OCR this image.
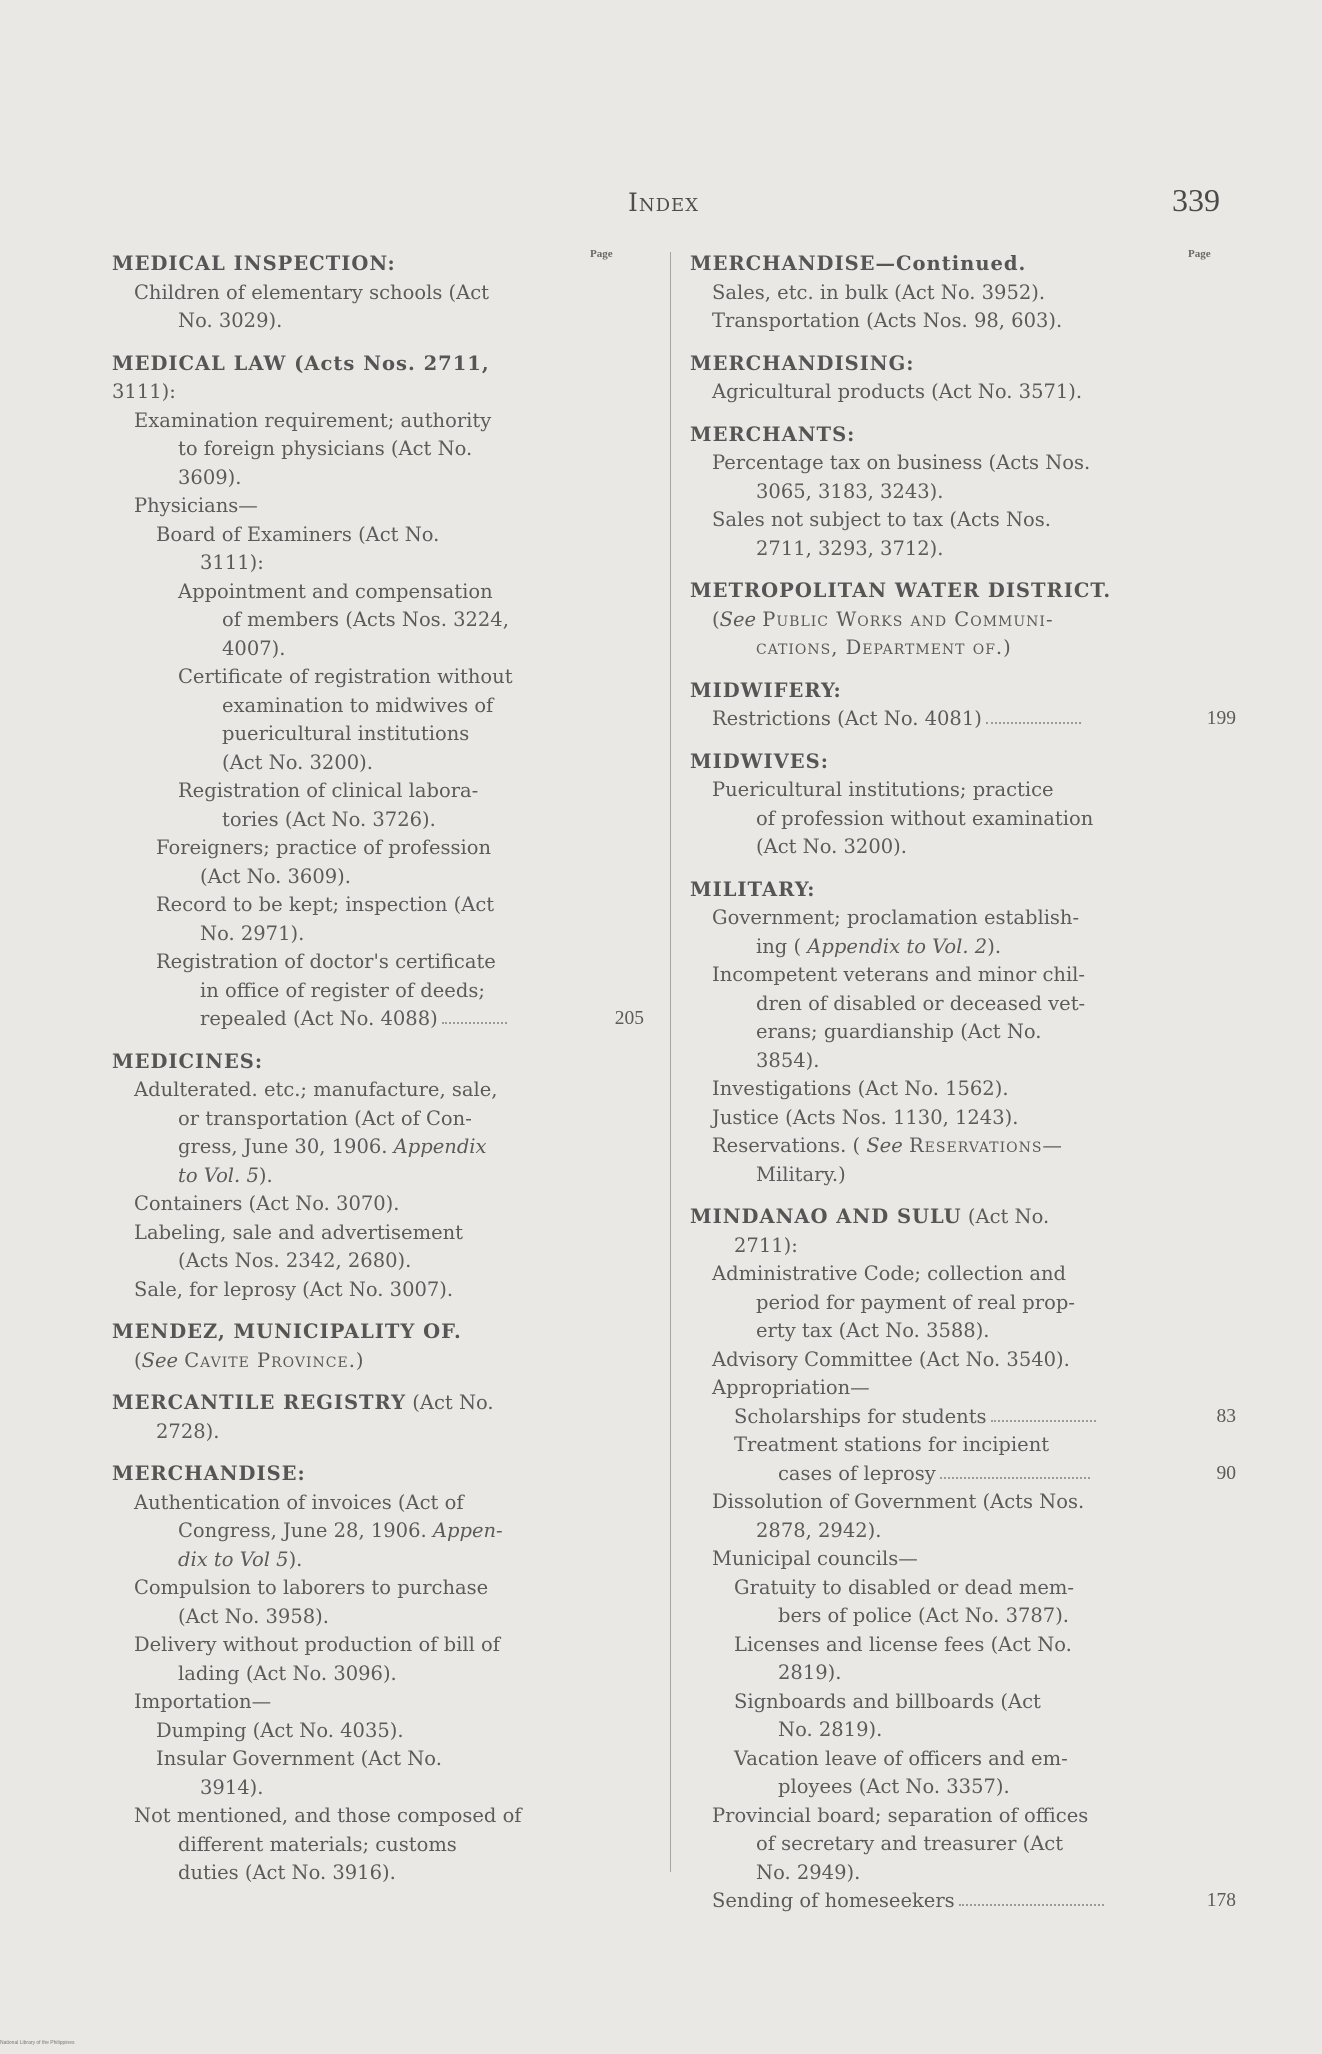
Index	339
Page
MEDICAL INSPECTION:
Children of elementary schools (Act
No. 3029).
MEDICAL LAW (Acts Nos. 2711,
3111):
Examination requirement; authority
to foreign physicians (Act No.
3609).
Physicians—
Board of Examiners (Act No.
3111):
Appointment and compensation
of members (Acts Nos. 3224,
4007).
Certificate of registration without
examination to midwives of
puericultural institutions
(Act No. 3200).
Registration of clinical labora-
tories (Act No. 3726).
Foreigners; practice of profession
(Act No. 3609).
Record to be kept; inspection (Act
No. 2971).
Registration of doctor's certificate
in office of register of deeds;
repealed (Act No. 4088)	205
MEDICINES:
Adulterated. etc.; manufacture, sale,
or transportation (Act of Con-
gress, June 30, 1906. Appendix
to Vol. 5).
Containers (Act No. 3070).
Labeling, sale and advertisement
(Acts Nos. 2342, 2680).
Sale, for leprosy (Act No. 3007).
MENDEZ, MUNICIPALITY OF.
(See Cavite Province.)
MERCANTILE REGISTRY (Act No.
2728).
MERCHANDISE:
Authentication of invoices (Act of
Congress, June 28, 1906. Appen-
dix to Vol 5).
Compulsion to laborers to purchase
(Act No. 3958).
Delivery without production of bill of
lading (Act No. 3096).
Importation—
Dumping (Act No. 4035).
Insular Government (Act No.
3914).
Not mentioned, and those composed of
different materials; customs
duties (Act No. 3916).
Page
MERCHANDISE—Continued.
Sales, etc. in bulk (Act No. 3952).
Transportation (Acts Nos. 98, 603).
MERCHANDISING:
Agricultural products (Act No. 3571).
MERCHANTS:
Percentage tax on business (Acts Nos.
3065, 3183, 3243).
Sales not subject to tax (Acts Nos.
2711, 3293, 3712).
METROPOLITAN WATER DISTRICT.
(See Public Works and Communi-
cations, Department of.)
MIDWIFERY:
Restrictions (Act No. 4081)	199
MIDWIVES:
Puericultural institutions; practice
of profession without examination
(Act No. 3200).
MILITARY:
Government; proclamation establish-
ing ( Appendix to Vol. 2).
Incompetent veterans and minor chil-
dren of disabled or deceased vet-
erans; guardianship (Act No.
3854).
Investigations (Act No. 1562).
Justice (Acts Nos. 1130, 1243).
Reservations. ( See Reservations—
Military.)
MINDANAO AND SULU (Act No.
2711):
Administrative Code; collection and
period for payment of real prop-
erty tax (Act No. 3588).
Advisory Committee (Act No. 3540).
Appropriation—
Scholarships for students	83
Treatment stations for incipient
cases of leprosy	90
Dissolution of Government (Acts Nos.
2878, 2942).
Municipal councils—
Gratuity to disabled or dead mem-
bers of police (Act No. 3787).
Licenses and license fees (Act No.
2819).
Signboards and billboards (Act
No. 2819).
Vacation leave of officers and em-
ployees (Act No. 3357).
Provincial board; separation of offices
of secretary and treasurer (Act
No. 2949).
Sending of homeseekers	178
National Library of the Philippines
